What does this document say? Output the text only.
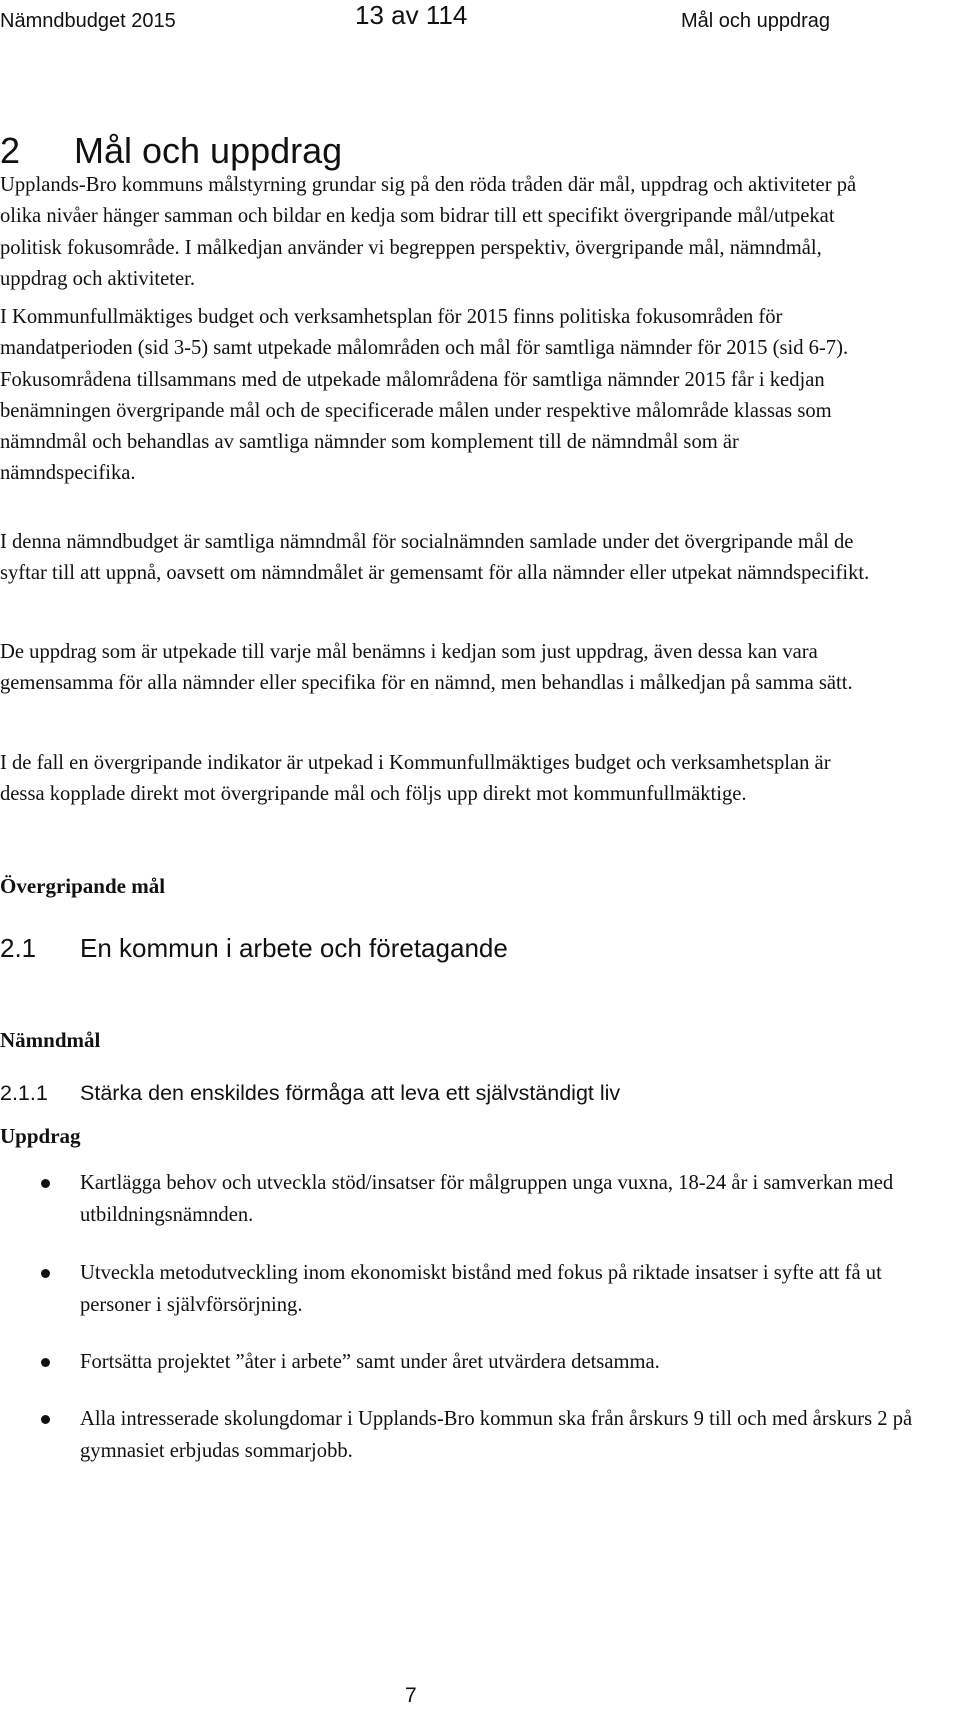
Nämndbudget 2015	13 av 114	Mål och uppdrag
2 Mål och uppdrag

Upplands-Bro kommuns målstyrning grundar sig på den röda tråden där mål, uppdrag och aktiviteter på olika nivåer hänger samman och bildar en kedja som bidrar till ett specifikt övergripande mål/utpekat politisk fokusområde. I målkedjan använder vi begreppen perspektiv, övergripande mål, nämndmål, uppdrag och aktiviteter.

I Kommunfullmäktiges budget och verksamhetsplan för 2015 finns politiska fokusområden för mandatperioden (sid 3-5) samt utpekade målområden och mål för samtliga nämnder för 2015 (sid 6-7). Fokusområdena tillsammans med de utpekade målområdena för samtliga nämnder 2015 får i kedjan benämningen övergripande mål och de specificerade målen under respektive målområde klassas som nämndmål och behandlas av samtliga nämnder som komplement till de nämndmål som är nämndspecifika.

I denna nämndbudget är samtliga nämndmål för socialnämnden samlade under det övergripande mål de syftar till att uppnå, oavsett om nämndmålet är gemensamt för alla nämnder eller utpekat nämndspecifikt.

De uppdrag som är utpekade till varje mål benämns i kedjan som just uppdrag, även dessa kan vara gemensamma för alla nämnder eller specifika för en nämnd, men behandlas i målkedjan på samma sätt.

I de fall en övergripande indikator är utpekad i Kommunfullmäktiges budget och verksamhetsplan är dessa kopplade direkt mot övergripande mål och följs upp direkt mot kommunfullmäktige.

Övergripande mål

2.1 En kommun i arbete och företagande

Nämndmål

2.1.1 Stärka den enskildes förmåga att leva ett självständigt liv

Uppdrag

Kartlägga behov och utveckla stöd/insatser för målgruppen unga vuxna, 18-24 år i samverkan med utbildningsnämnden.
Utveckla metodutveckling inom ekonomiskt bistånd med fokus på riktade insatser i syfte att få ut personer i självförsörjning.
Fortsätta projektet ”åter i arbete” samt under året utvärdera detsamma.
Alla intresserade skolungdomar i Upplands-Bro kommun ska från årskurs 9 till och med årskurs 2 på gymnasiet erbjudas sommarjobb.
7
